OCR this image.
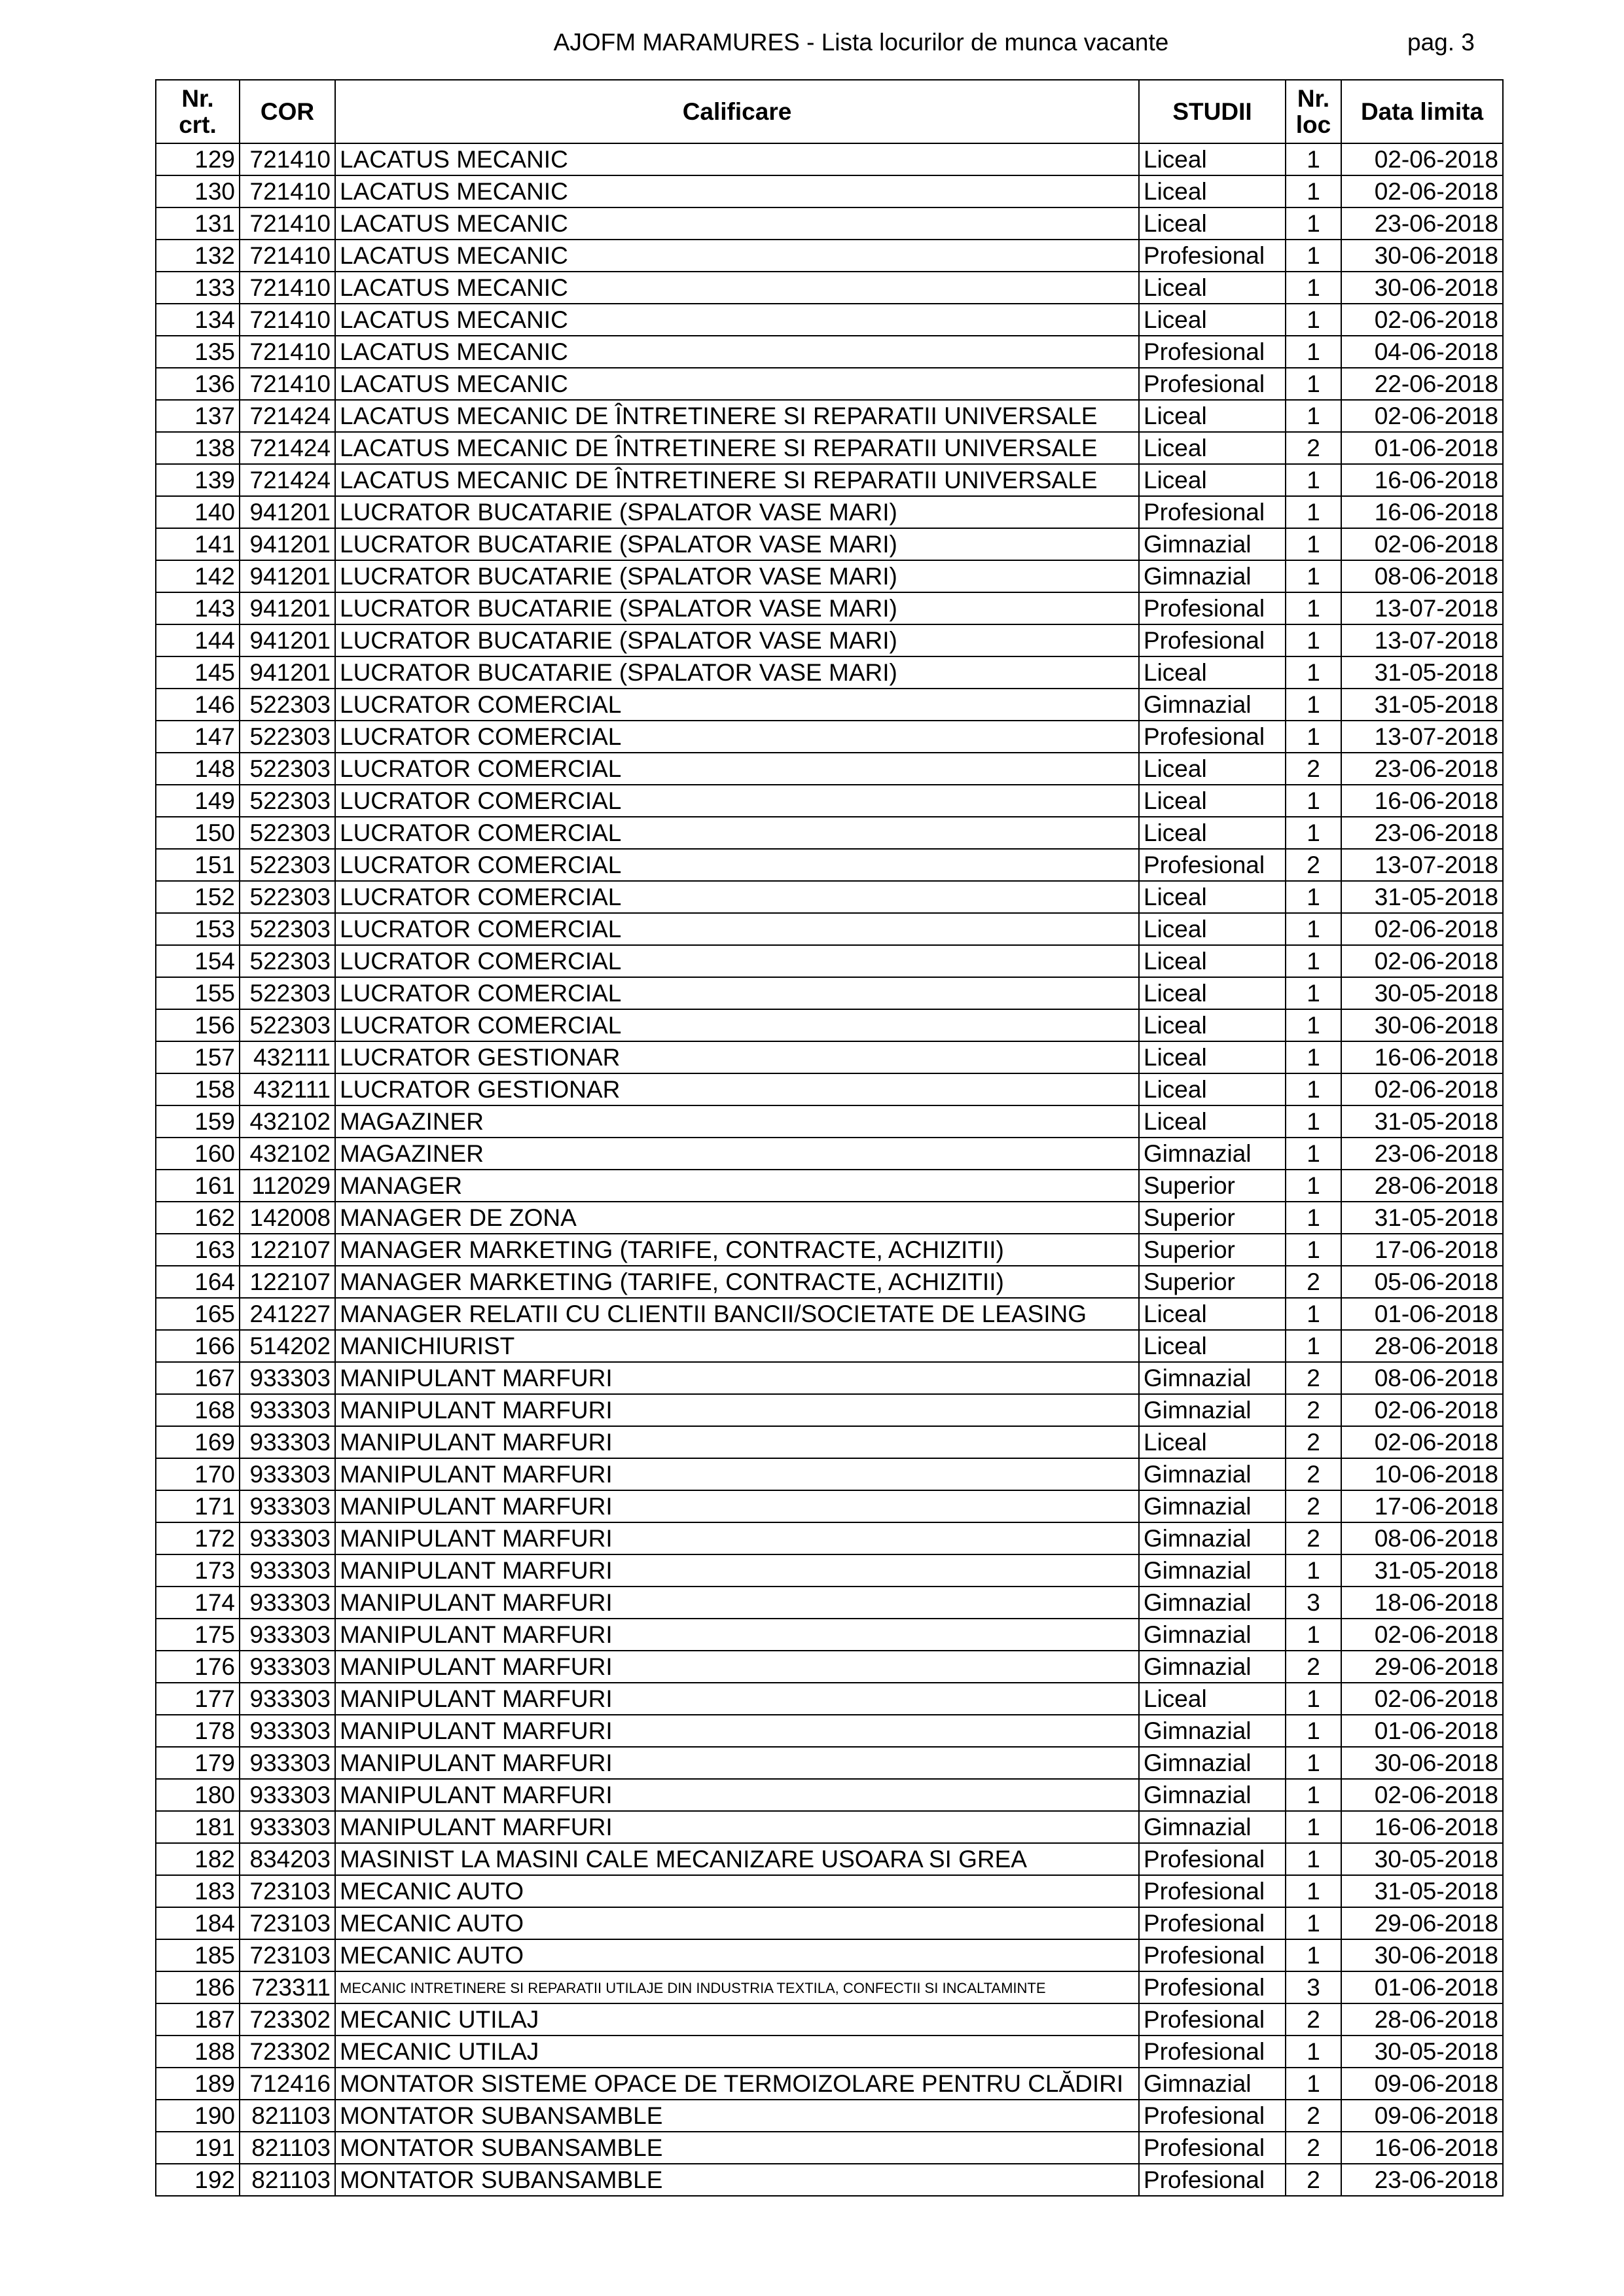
AJOFM MARAMURES - Lista locurilor de munca vacante	pag. 3
Nr.
crt.	COR	Calificare	STUDII	Nr.
loc	Data limita
129	721410	LACATUS MECANIC	Liceal	1	02-06-2018
130	721410	LACATUS MECANIC	Liceal	1	02-06-2018
131	721410	LACATUS MECANIC	Liceal	1	23-06-2018
132	721410	LACATUS MECANIC	Profesional	1	30-06-2018
133	721410	LACATUS MECANIC	Liceal	1	30-06-2018
134	721410	LACATUS MECANIC	Liceal	1	02-06-2018
135	721410	LACATUS MECANIC	Profesional	1	04-06-2018
136	721410	LACATUS MECANIC	Profesional	1	22-06-2018
137	721424	LACATUS MECANIC DE ÎNTRETINERE SI REPARATII UNIVERSALE	Liceal	1	02-06-2018
138	721424	LACATUS MECANIC DE ÎNTRETINERE SI REPARATII UNIVERSALE	Liceal	2	01-06-2018
139	721424	LACATUS MECANIC DE ÎNTRETINERE SI REPARATII UNIVERSALE	Liceal	1	16-06-2018
140	941201	LUCRATOR BUCATARIE (SPALATOR VASE MARI)	Profesional	1	16-06-2018
141	941201	LUCRATOR BUCATARIE (SPALATOR VASE MARI)	Gimnazial	1	02-06-2018
142	941201	LUCRATOR BUCATARIE (SPALATOR VASE MARI)	Gimnazial	1	08-06-2018
143	941201	LUCRATOR BUCATARIE (SPALATOR VASE MARI)	Profesional	1	13-07-2018
144	941201	LUCRATOR BUCATARIE (SPALATOR VASE MARI)	Profesional	1	13-07-2018
145	941201	LUCRATOR BUCATARIE (SPALATOR VASE MARI)	Liceal	1	31-05-2018
146	522303	LUCRATOR COMERCIAL	Gimnazial	1	31-05-2018
147	522303	LUCRATOR COMERCIAL	Profesional	1	13-07-2018
148	522303	LUCRATOR COMERCIAL	Liceal	2	23-06-2018
149	522303	LUCRATOR COMERCIAL	Liceal	1	16-06-2018
150	522303	LUCRATOR COMERCIAL	Liceal	1	23-06-2018
151	522303	LUCRATOR COMERCIAL	Profesional	2	13-07-2018
152	522303	LUCRATOR COMERCIAL	Liceal	1	31-05-2018
153	522303	LUCRATOR COMERCIAL	Liceal	1	02-06-2018
154	522303	LUCRATOR COMERCIAL	Liceal	1	02-06-2018
155	522303	LUCRATOR COMERCIAL	Liceal	1	30-05-2018
156	522303	LUCRATOR COMERCIAL	Liceal	1	30-06-2018
157	432111	LUCRATOR GESTIONAR	Liceal	1	16-06-2018
158	432111	LUCRATOR GESTIONAR	Liceal	1	02-06-2018
159	432102	MAGAZINER	Liceal	1	31-05-2018
160	432102	MAGAZINER	Gimnazial	1	23-06-2018
161	112029	MANAGER	Superior	1	28-06-2018
162	142008	MANAGER DE ZONA	Superior	1	31-05-2018
163	122107	MANAGER MARKETING (TARIFE, CONTRACTE, ACHIZITII)	Superior	1	17-06-2018
164	122107	MANAGER MARKETING (TARIFE, CONTRACTE, ACHIZITII)	Superior	2	05-06-2018
165	241227	MANAGER RELATII CU CLIENTII BANCII/SOCIETATE DE LEASING	Liceal	1	01-06-2018
166	514202	MANICHIURIST	Liceal	1	28-06-2018
167	933303	MANIPULANT MARFURI	Gimnazial	2	08-06-2018
168	933303	MANIPULANT MARFURI	Gimnazial	2	02-06-2018
169	933303	MANIPULANT MARFURI	Liceal	2	02-06-2018
170	933303	MANIPULANT MARFURI	Gimnazial	2	10-06-2018
171	933303	MANIPULANT MARFURI	Gimnazial	2	17-06-2018
172	933303	MANIPULANT MARFURI	Gimnazial	2	08-06-2018
173	933303	MANIPULANT MARFURI	Gimnazial	1	31-05-2018
174	933303	MANIPULANT MARFURI	Gimnazial	3	18-06-2018
175	933303	MANIPULANT MARFURI	Gimnazial	1	02-06-2018
176	933303	MANIPULANT MARFURI	Gimnazial	2	29-06-2018
177	933303	MANIPULANT MARFURI	Liceal	1	02-06-2018
178	933303	MANIPULANT MARFURI	Gimnazial	1	01-06-2018
179	933303	MANIPULANT MARFURI	Gimnazial	1	30-06-2018
180	933303	MANIPULANT MARFURI	Gimnazial	1	02-06-2018
181	933303	MANIPULANT MARFURI	Gimnazial	1	16-06-2018
182	834203	MASINIST LA MASINI CALE MECANIZARE USOARA SI GREA	Profesional	1	30-05-2018
183	723103	MECANIC AUTO	Profesional	1	31-05-2018
184	723103	MECANIC AUTO	Profesional	1	29-06-2018
185	723103	MECANIC AUTO	Profesional	1	30-06-2018
186	723311	MECANIC INTRETINERE SI REPARATII UTILAJE DIN INDUSTRIA TEXTILA, CONFECTII SI INCALTAMINTE	Profesional	3	01-06-2018
187	723302	MECANIC UTILAJ	Profesional	2	28-06-2018
188	723302	MECANIC UTILAJ	Profesional	1	30-05-2018
189	712416	MONTATOR SISTEME OPACE DE TERMOIZOLARE PENTRU CLĂDIRI	Gimnazial	1	09-06-2018
190	821103	MONTATOR SUBANSAMBLE	Profesional	2	09-06-2018
191	821103	MONTATOR SUBANSAMBLE	Profesional	2	16-06-2018
192	821103	MONTATOR SUBANSAMBLE	Profesional	2	23-06-2018
